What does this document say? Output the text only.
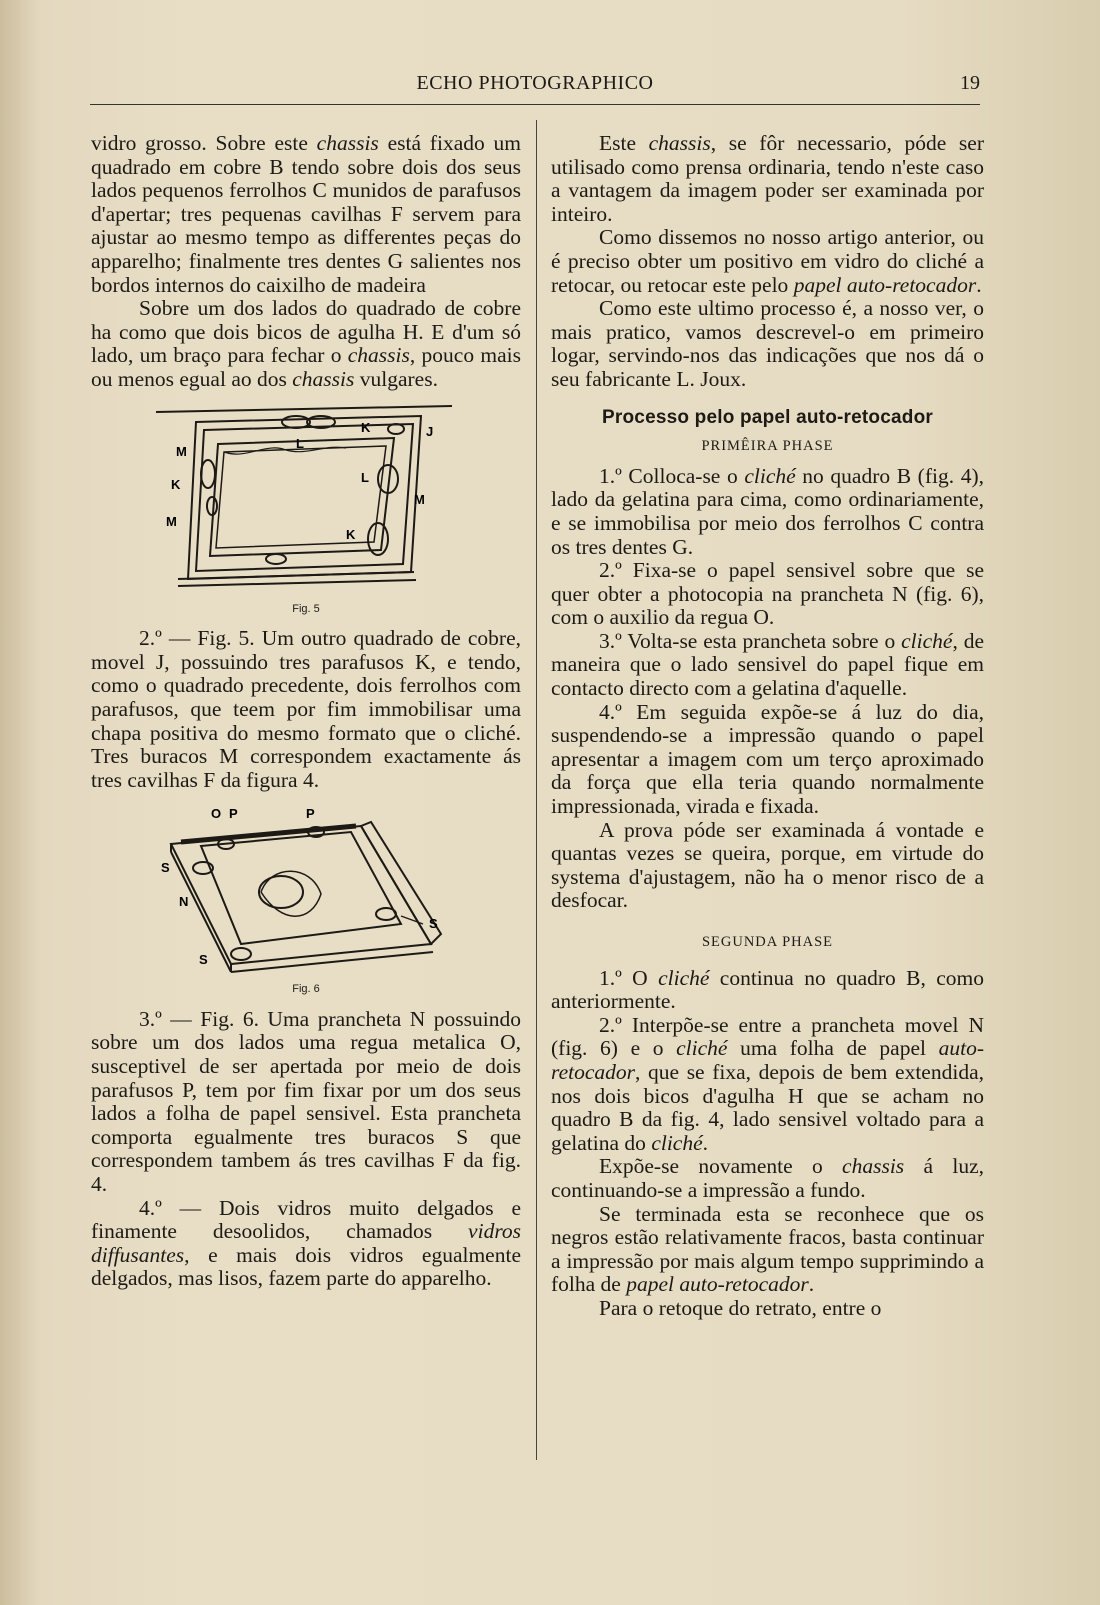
ECHO PHOTOGRAPHICO	19

vidro grosso. Sobre este chassis está fixado um quadrado em cobre B tendo sobre dois dos seus lados pequenos ferrolhos C munidos de parafusos d'apertar; tres pequenas cavilhas F servem para ajustar ao mesmo tempo as differentes peças do apparelho; finalmente tres dentes G salientes nos bordos internos do caixilho de madeira

Sobre um dos lados do quadrado de cobre ha como que dois bicos de agulha H. E d'um só lado, um braço para fechar o chassis, pouco mais ou menos egual ao dos chassis vulgares.

M
K
M
L
K	J
L
M
K
Fig. 5

2.º — Fig. 5. Um outro quadrado de cobre, movel J, possuindo tres parafusos K, e tendo, como o quadrado precedente, dois ferrolhos com parafusos, que teem por fim immobilisar uma chapa positiva do mesmo formato que o cliché. Tres buracos M correspondem exactamente ás tres cavilhas F da figura 4.

O P	P
S
N
S
S
Fig. 6

3.º — Fig. 6. Uma prancheta N possuindo sobre um dos lados uma regua metalica O, susceptivel de ser apertada por meio de dois parafusos P, tem por fim fixar por um dos seus lados a folha de papel sensivel. Esta prancheta comporta egualmente tres buracos S que correspondem tambem ás tres cavilhas F da fig. 4.

4.º — Dois vidros muito delgados e finamente desoolidos, chamados vidros diffusantes, e mais dois vidros egualmente delgados, mas lisos, fazem parte do apparelho.

Este chassis, se fôr necessario, póde ser utilisado como prensa ordinaria, tendo n'este caso a vantagem da imagem poder ser examinada por inteiro.

Como dissemos no nosso artigo anterior, ou é preciso obter um positivo em vidro do cliché a retocar, ou retocar este pelo papel auto-retocador.

Como este ultimo processo é, a nosso ver, o mais pratico, vamos descrevel-o em primeiro logar, servindo-nos das indicações que nos dá o seu fabricante L. Joux.

Processo pelo papel auto-retocador
PRIMÊIRA PHASE

1.º Colloca-se o cliché no quadro B (fig. 4), lado da gelatina para cima, como ordinariamente, e se immobilisa por meio dos ferrolhos C contra os tres dentes G.

2.º Fixa-se o papel sensivel sobre que se quer obter a photocopia na prancheta N (fig. 6), com o auxilio da regua O.

3.º Volta-se esta prancheta sobre o cliché, de maneira que o lado sensivel do papel fique em contacto directo com a gelatina d'aquelle.

4.º Em seguida expõe-se á luz do dia, suspendendo-se a impressão quando o papel apresentar a imagem com um terço aproximado da força que ella teria quando normalmente impressionada, virada e fixada.

A prova póde ser examinada á vontade e quantas vezes se queira, porque, em virtude do systema d'ajustagem, não ha o menor risco de a desfocar.

SEGUNDA PHASE

1.º O cliché continua no quadro B, como anteriormente.

2.º Interpõe-se entre a prancheta movel N (fig. 6) e o cliché uma folha de papel auto-retocador, que se fixa, depois de bem extendida, nos dois bicos d'agulha H que se acham no quadro B da fig. 4, lado sensivel voltado para a gelatina do cliché.

Expõe-se novamente o chassis á luz, continuando-se a impressão a fundo.

Se terminada esta se reconhece que os negros estão relativamente fracos, basta continuar a impressão por mais algum tempo supprimindo a folha de papel auto-retocador.

Para o retoque do retrato, entre o
